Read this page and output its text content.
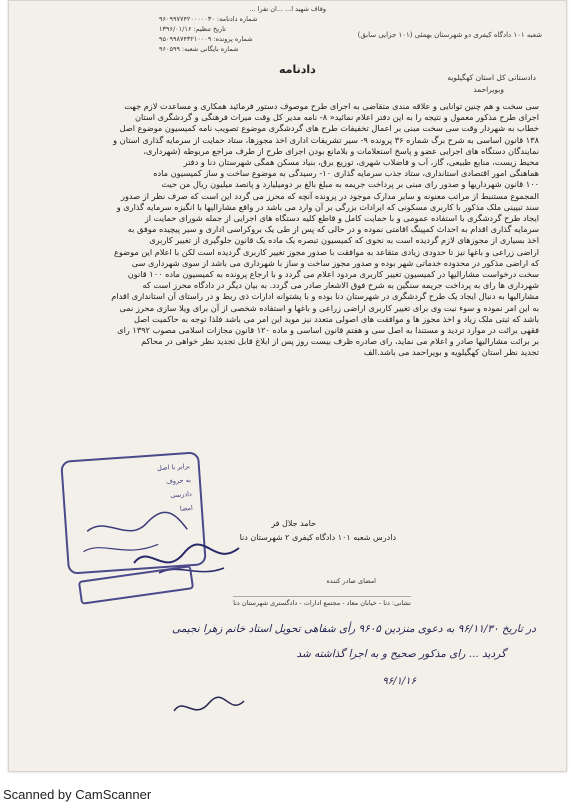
وقاف شهید ا... ...ان تفرا ...
شماره دادنامه: ۹۶۰۹۹۷۷۴۲۰۰۰۰۰۳۰
تاریخ تنظیم: ۱۳۹۶/۰۱/۱۶
شماره پرونده: ۹۵۰۹۹۸۷۴۳۲۱۰۰۰۹
شماره بایگانی شعبه: ۹۶۰۵۹۹
شعبه ۱۰۱ دادگاه کیفری دو شهرستان بهمئی (۱۰۱ جزایی سابق)
دادنامه
دادستانی کل استان کهگیلویه
وبویراحمد
سی سخت و هم چنین توانایی و علاقه مندی متقاضی به اجرای طرح موصوف دستور فرمائید همکاری و مساعدت لازم جهت
اجرای طرح مذکور معمول و نتیجه را به این دفتر اعلام نمائید« ۸- نامه مدیر کل وقت میراث فرهنگی و گردشگری استان
خطاب به شهردار وقت سی سخت مبنی بر اعمال تخفیفات طرح های گردشگری موضوع تصویب نامه کمیسیون موضوع اصل
۱۳۸ قانون اساسی به شرح برگ شماره ۳۶ پرونده ۹- سیر تشریفات اداری اخذ مجوزها، ستاد حمایت از سرمایه گذاری استان و
نمایندگان دستگاه های اجرایی عضو و پاسخ استعلامات و بلامانع بودن اجرای طرح از طرف مراجع مربوطه (شهرداری،
محیط زیست، منابع طبیعی، گاز، آب و فاضلاب شهری، توزیع برق، بنیاد مسکن همگی شهرستان دنا و دفتر
هماهنگی امور اقتصادی استانداری، ستاد جذب سرمایه گذاری ۱۰- رسیدگی به موضوع ساخت و ساز کمیسیون ماده
۱۰۰ قانون شهرداریها و صدور رای مبنی بر پرداخت جریمه به مبلغ بالغ بر دومیلیارد و پانصد میلیون ریال من حیث
المجموع مستنبط از مراتب معنونه و سایر مدارک موجود در پرونده آنچه که محرز می گردد این است که صرف نظر از صدور
سند تبیینی ملک مذکور با کاربری مسکونی که ایرادات بزرگی بر آن وارد می باشد در واقع مشارالیها با انگیزه سرمایه گذاری و
ایجاد طرح گردشگری با استفاده عمومی و با حمایت کامل و قاطع کلیه دستگاه های اجرایی از جمله شورای حمایت از
سرمایه گذاری اقدام به احداث کمپینگ اقامتی نموده و در حالی که پس از طی یک بروکراسی اداری و سیر پیچیده موفق به
اخذ بسیاری از مجوزهای لازم گردیده است به نحوی که کمیسیون تبصره یک ماده یک قانون جلوگیری از تغییر کاربری
اراضی زراعی و باغها نیز تا حدودی زیادی متقاعد به موافقت با صدور مجوز تغییر کاربری گردیده است لکن با اعلام این موضوع
که اراضی مذکور در محدوده خدماتی شهر بوده و صدور مجوز ساخت و ساز با شهرداری می باشد از سوی شهرداری سی
سخت درخواست مشارالیها در کمیسیون تغییر کاربری مردود اعلام می گردد و با ارجاع پرونده به کمیسیون ماده ۱۰۰ قانون
شهرداری ها رای به پرداخت جریمه سنگین به شرح فوق الاشعار صادر می گردد. به بیان دیگر در دادگاه محرز است که
مشارالیها به دنبال ایجاد یک طرح گردشگری در شهرستان دنا بوده و با پشتوانه ادارات ذی ربط و در راستای آن استانداری اقدام
به این امر نموده و سوء نیت وی برای تغییر کاربری اراضی زراعی و باغها و استفاده شخصی از آن برای ویلا سازی محرز نمی
باشد که ثبتی ملک زیاد و اخذ مجوز ها و موافقت های اصولی متعدد نیز موید این امر می باشد فلذا توجه به حاکمیت اصل
فقهی برائت در موارد تردید و مستندا به اصل سی و هفتم قانون اساسی و ماده ۱۲۰ قانون مجازات اسلامی مصوب ۱۳۹۲ رای
بر برائت مشارالیها صادر و اعلام می نماید، رای صادره ظرف بیست روز پس از ابلاغ قابل تجدید نظر خواهی در محاکم
تجدید نظر استان کهگیلویه و بویراحمد می باشد.الف
برابر با اصل
به حروف
دادرسی
امضا
حامد جلال فر
دادرس شعبه ۱۰۱ دادگاه کیفری ۲ شهرستان دنا
امضای صادر کننده
نشانی: دنا - خیابان معاد - مجتمع ادارات - دادگستری شهرستان دنا
در تاریخ ۹۶/۱۱/۳۰ به دعوی منزدین ۹۶۰۵ رأی شفاهی تحویل استاد خانم زهرا نجیمی
گردید ... رای مذکور صحیح و به اجرا گذاشته شد
۹۶/۱/۱۶
Scanned by CamScanner
